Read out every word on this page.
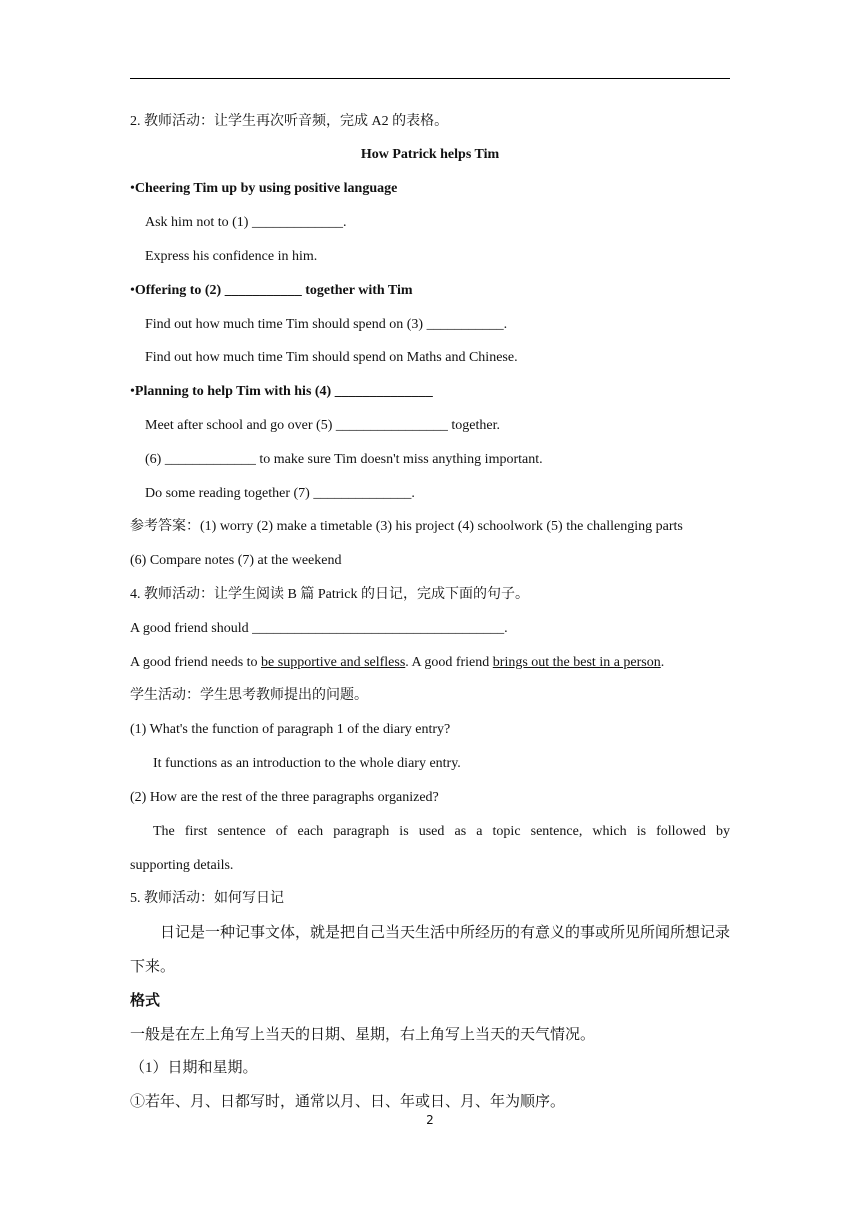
2. 教师活动：让学生再次听音频，完成 A2 的表格。
How Patrick helps Tim
•Cheering Tim up by using positive language
Ask him not to (1) _____________.
Express his confidence in him.
•Offering to (2) ___________ together with Tim
Find out how much time Tim should spend on (3) ___________.
Find out how much time Tim should spend on Maths and Chinese.
•Planning to help Tim with his (4) ______________
Meet after school and go over (5) ________________ together.
(6) _____________ to make sure Tim doesn't miss anything important.
Do some reading together (7) ______________.
参考答案：(1) worry (2) make a timetable (3) his project (4) schoolwork (5) the challenging parts
(6) Compare notes (7) at the weekend
4. 教师活动：让学生阅读 B 篇 Patrick 的日记，完成下面的句子。
A good friend should ____________________________________.
A good friend needs to be supportive and selfless. A good friend brings out the best in a person.
学生活动：学生思考教师提出的问题。
(1) What's the function of paragraph 1 of the diary entry?
It functions as an introduction to the whole diary entry.
(2) How are the rest of the three paragraphs organized?
The first sentence of each paragraph is used as a topic sentence, which is followed by
supporting details.
5. 教师活动：如何写日记
日记是一种记事文体，就是把自己当天生活中所经历的有意义的事或所见所闻所想记录
下来。
格式
一般是在左上角写上当天的日期、星期，右上角写上当天的天气情况。
（1）日期和星期。
①若年、月、日都写时，通常以月、日、年或日、月、年为顺序。
2
